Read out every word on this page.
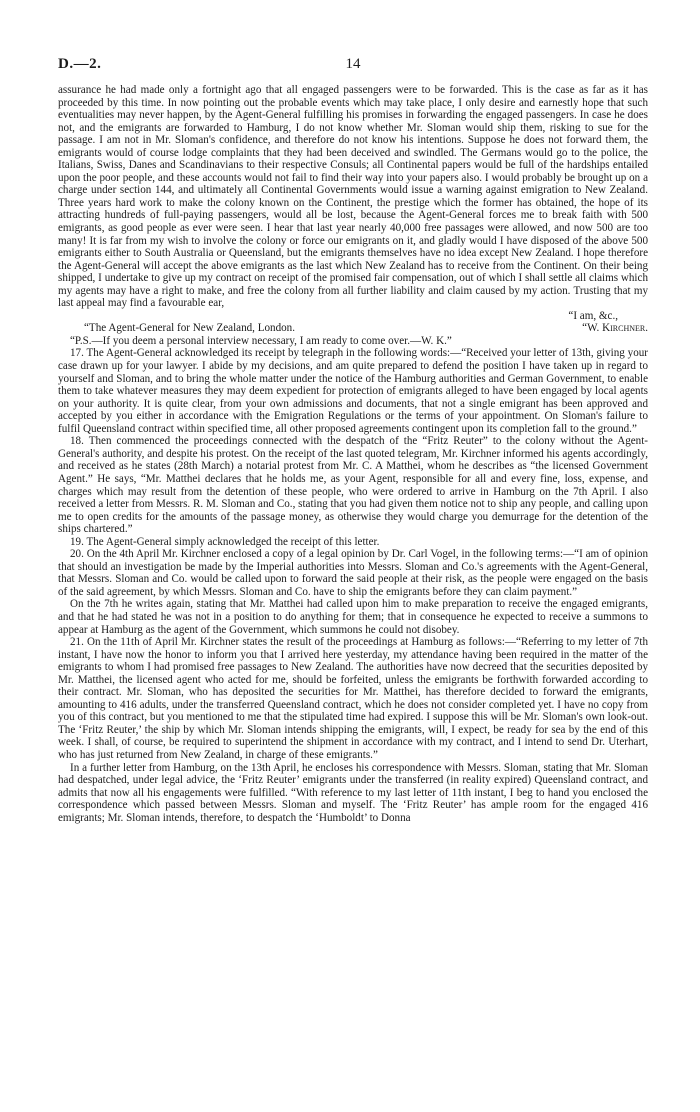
D.—2.	14

assurance he had made only a fortnight ago that all engaged passengers were to be forwarded. This is the case as far as it has proceeded by this time. In now pointing out the probable events which may take place, I only desire and earnestly hope that such eventualities may never happen, by the Agent-General fulfilling his promises in forwarding the engaged passengers. In case he does not, and the emigrants are forwarded to Hamburg, I do not know whether Mr. Sloman would ship them, risking to sue for the passage. I am not in Mr. Sloman's confidence, and therefore do not know his intentions. Suppose he does not forward them, the emigrants would of course lodge complaints that they had been deceived and swindled. The Germans would go to the police, the Italians, Swiss, Danes and Scandinavians to their respective Consuls; all Continental papers would be full of the hardships entailed upon the poor people, and these accounts would not fail to find their way into your papers also. I would probably be brought up on a charge under section 144, and ultimately all Continental Governments would issue a warning against emigration to New Zealand. Three years hard work to make the colony known on the Continent, the prestige which the former has obtained, the hope of its attracting hundreds of full-paying passengers, would all be lost, because the Agent-General forces me to break faith with 500 emigrants, as good people as ever were seen. I hear that last year nearly 40,000 free passages were allowed, and now 500 are too many! It is far from my wish to involve the colony or force our emigrants on it, and gladly would I have disposed of the above 500 emigrants either to South Australia or Queensland, but the emigrants themselves have no idea except New Zealand. I hope therefore the Agent-General will accept the above emigrants as the last which New Zealand has to receive from the Continent. On their being shipped, I undertake to give up my contract on receipt of the promised fair compensation, out of which I shall settle all claims which my agents may have a right to make, and free the colony from all further liability and claim caused by my action. Trusting that my last appeal may find a favourable ear,

“I am, &c.,

“The Agent-General for New Zealand, London.	“W. Kirchner.

“P.S.—If you deem a personal interview necessary, I am ready to come over.—W. K.”

17. The Agent-General acknowledged its receipt by telegraph in the following words:—“Received your letter of 13th, giving your case drawn up for your lawyer. I abide by my decisions, and am quite prepared to defend the position I have taken up in regard to yourself and Sloman, and to bring the whole matter under the notice of the Hamburg authorities and German Government, to enable them to take whatever measures they may deem expedient for protection of emigrants alleged to have been engaged by local agents on your authority. It is quite clear, from your own admissions and documents, that not a single emigrant has been approved and accepted by you either in accordance with the Emigration Regulations or the terms of your appointment. On Sloman's failure to fulfil Queensland contract within specified time, all other proposed agreements contingent upon its completion fall to the ground.”

18. Then commenced the proceedings connected with the despatch of the “Fritz Reuter” to the colony without the Agent-General's authority, and despite his protest. On the receipt of the last quoted telegram, Mr. Kirchner informed his agents accordingly, and received as he states (28th March) a notarial protest from Mr. C. A Matthei, whom he describes as “the licensed Government Agent.” He says, “Mr. Matthei declares that he holds me, as your Agent, responsible for all and every fine, loss, expense, and charges which may result from the detention of these people, who were ordered to arrive in Hamburg on the 7th April. I also received a letter from Messrs. R. M. Sloman and Co., stating that you had given them notice not to ship any people, and calling upon me to open credits for the amounts of the passage money, as otherwise they would charge you demurrage for the detention of the ships chartered.”

19. The Agent-General simply acknowledged the receipt of this letter.

20. On the 4th April Mr. Kirchner enclosed a copy of a legal opinion by Dr. Carl Vogel, in the following terms:—“I am of opinion that should an investigation be made by the Imperial authorities into Messrs. Sloman and Co.'s agreements with the Agent-General, that Messrs. Sloman and Co. would be called upon to forward the said people at their risk, as the people were engaged on the basis of the said agreement, by which Messrs. Sloman and Co. have to ship the emigrants before they can claim payment.”

On the 7th he writes again, stating that Mr. Matthei had called upon him to make preparation to receive the engaged emigrants, and that he had stated he was not in a position to do anything for them; that in consequence he expected to receive a summons to appear at Hamburg as the agent of the Government, which summons he could not disobey.

21. On the 11th of April Mr. Kirchner states the result of the proceedings at Hamburg as follows:—“Referring to my letter of 7th instant, I have now the honor to inform you that I arrived here yesterday, my attendance having been required in the matter of the emigrants to whom I had promised free passages to New Zealand. The authorities have now decreed that the securities deposited by Mr. Matthei, the licensed agent who acted for me, should be forfeited, unless the emigrants be forthwith forwarded according to their contract. Mr. Sloman, who has deposited the securities for Mr. Matthei, has therefore decided to forward the emigrants, amounting to 416 adults, under the transferred Queensland contract, which he does not consider completed yet. I have no copy from you of this contract, but you mentioned to me that the stipulated time had expired. I suppose this will be Mr. Sloman's own look-out. The ‘Fritz Reuter,’ the ship by which Mr. Sloman intends shipping the emigrants, will, I expect, be ready for sea by the end of this week. I shall, of course, be required to superintend the shipment in accordance with my contract, and I intend to send Dr. Uterhart, who has just returned from New Zealand, in charge of these emigrants.”

In a further letter from Hamburg, on the 13th April, he encloses his correspondence with Messrs. Sloman, stating that Mr. Sloman had despatched, under legal advice, the ‘Fritz Reuter’ emigrants under the transferred (in reality expired) Queensland contract, and admits that now all his engagements were fulfilled. “With reference to my last letter of 11th instant, I beg to hand you enclosed the correspondence which passed between Messrs. Sloman and myself. The ‘Fritz Reuter’ has ample room for the engaged 416 emigrants; Mr. Sloman intends, therefore, to despatch the ‘Humboldt’ to Donna
